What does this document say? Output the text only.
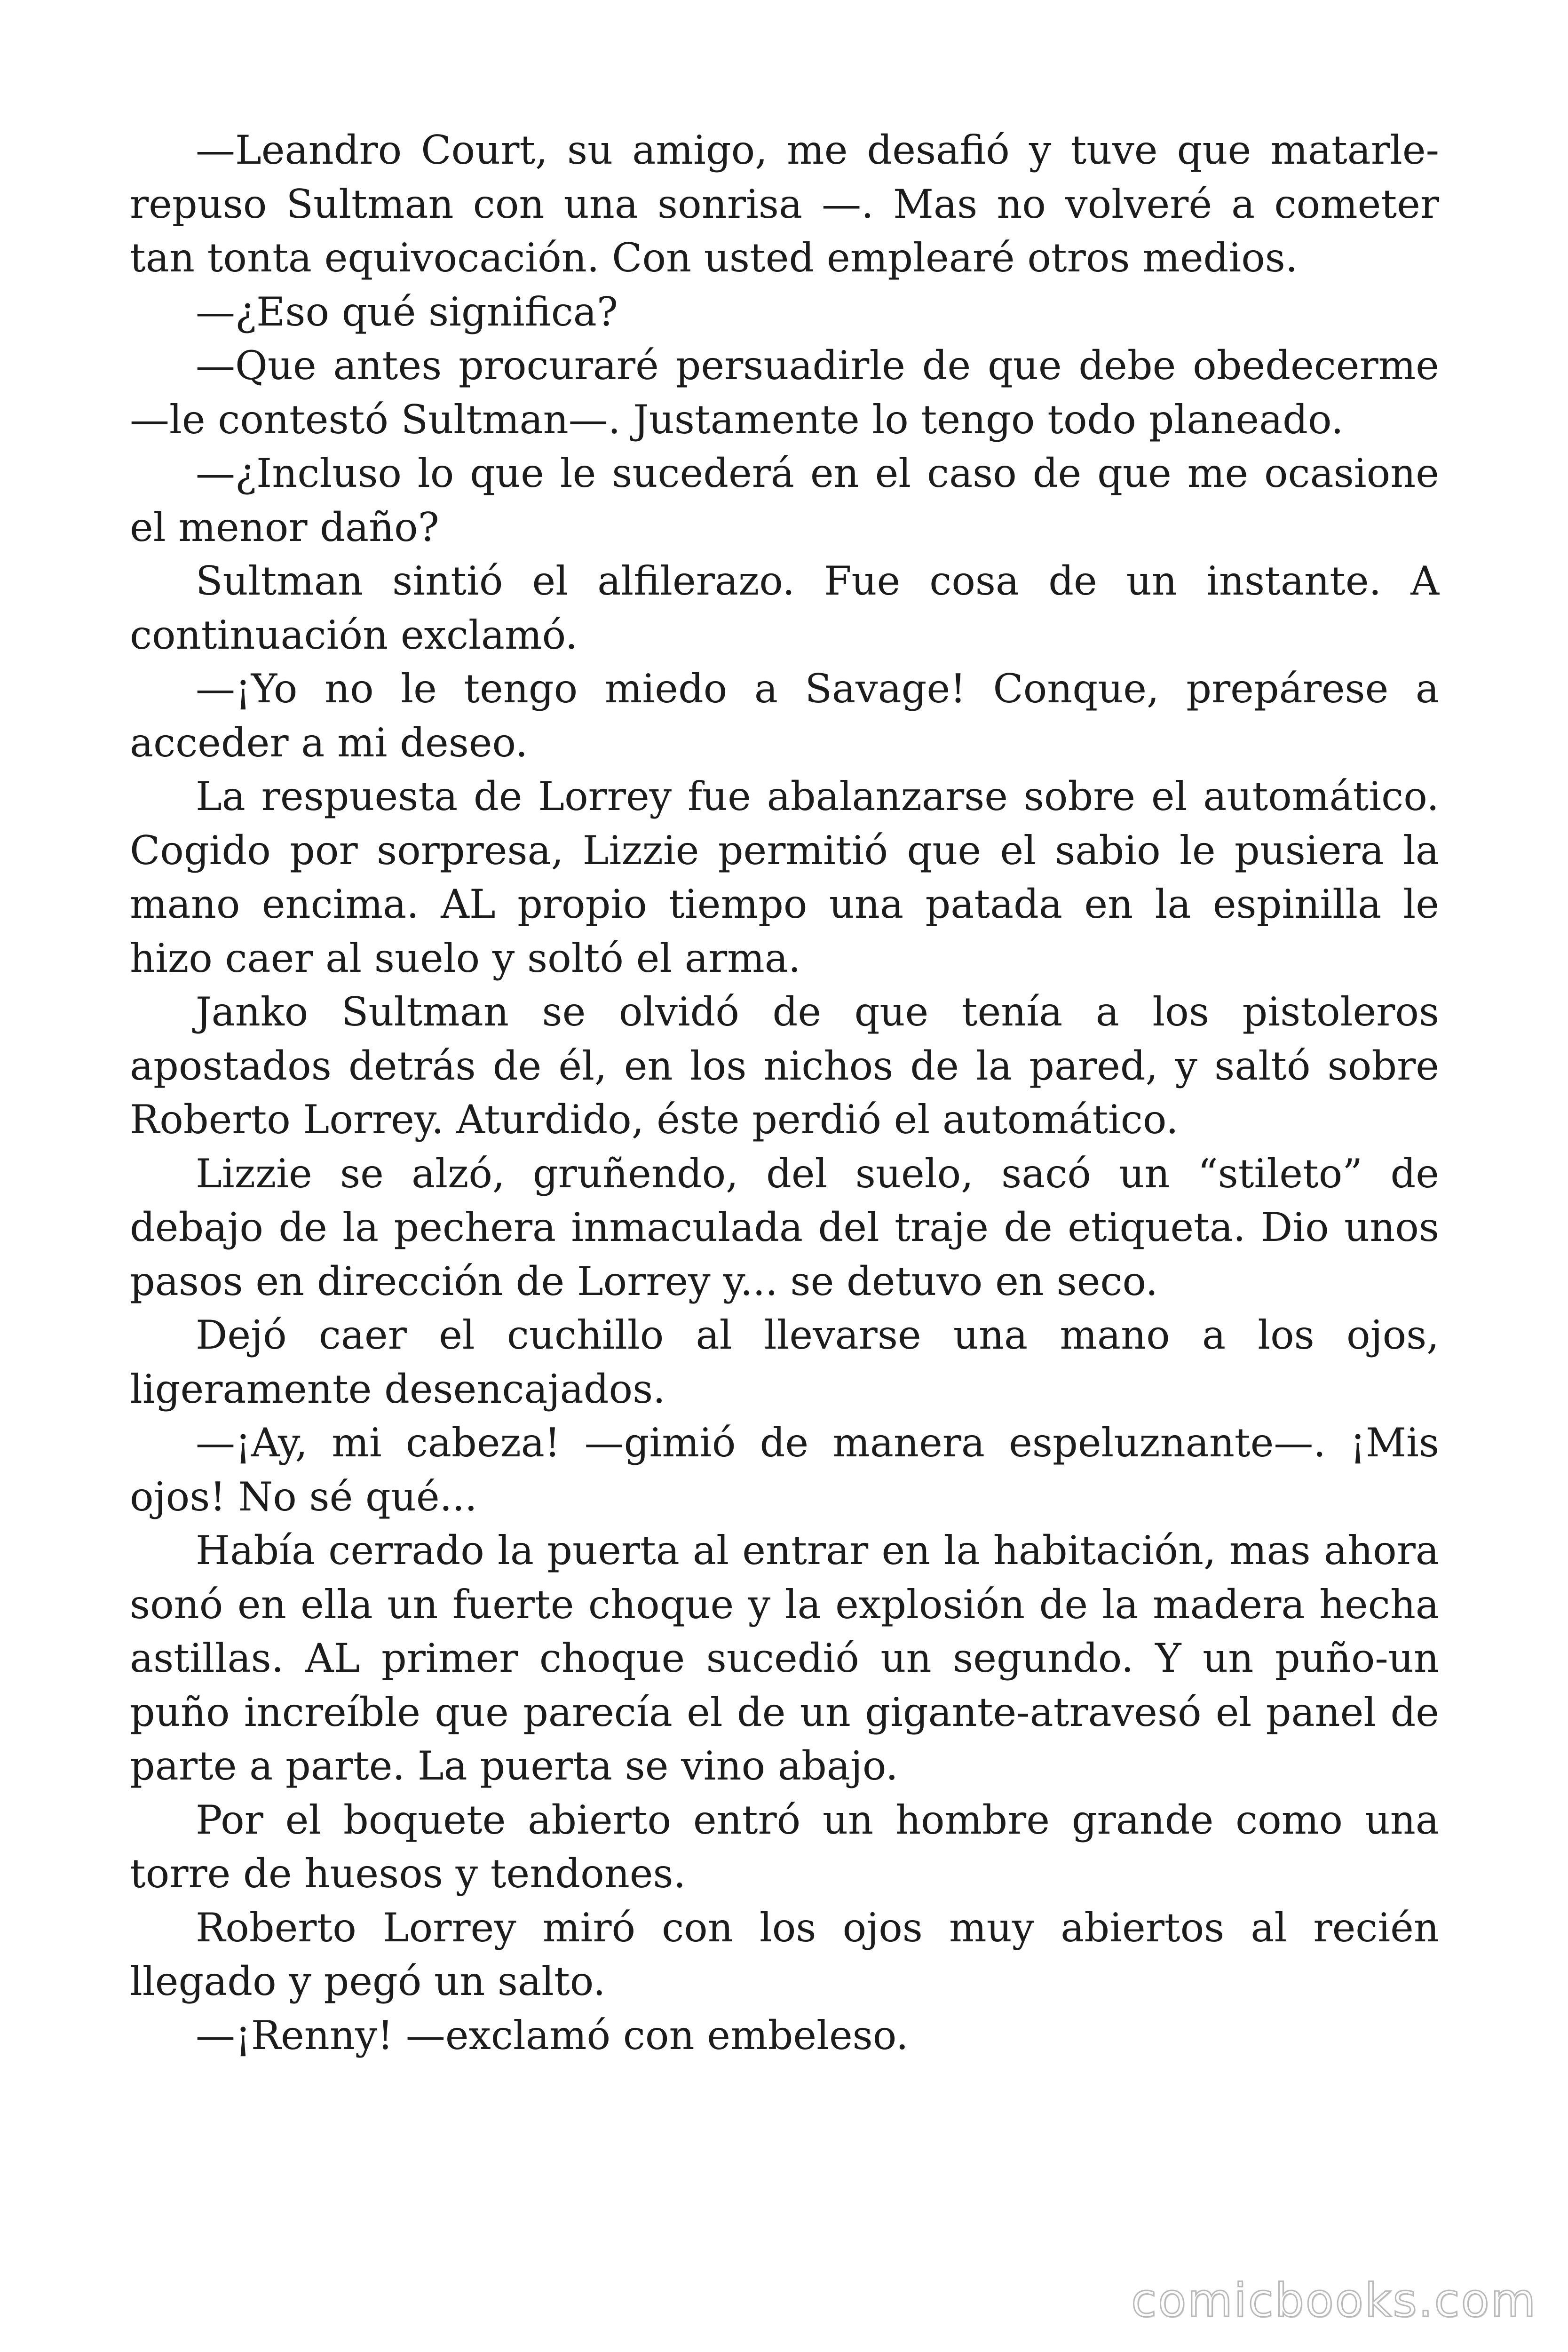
—Leandro Court, su amigo, me desafió y tuve que matarle-repuso Sultman con una sonrisa —. Mas no volveré a cometer tan tonta equivocación. Con usted emplearé otros medios.

—¿Eso qué significa?

—Que antes procuraré persuadirle de que debe obedecerme —le contestó Sultman—. Justamente lo tengo todo planeado.

—¿Incluso lo que le sucederá en el caso de que me ocasione el menor daño?

Sultman sintió el alfilerazo. Fue cosa de un instante. A continuación exclamó.

—¡Yo no le tengo miedo a Savage! Conque, prepárese a acceder a mi deseo.

La respuesta de Lorrey fue abalanzarse sobre el automático. Cogido por sorpresa, Lizzie permitió que el sabio le pusiera la mano encima. AL propio tiempo una patada en la espinilla le hizo caer al suelo y soltó el arma.

Janko Sultman se olvidó de que tenía a los pistoleros apostados detrás de él, en los nichos de la pared, y saltó sobre Roberto Lorrey. Aturdido, éste perdió el automático.

Lizzie se alzó, gruñendo, del suelo, sacó un “stileto” de debajo de la pechera inmaculada del traje de etiqueta. Dio unos pasos en dirección de Lorrey y... se detuvo en seco.

Dejó caer el cuchillo al llevarse una mano a los ojos, ligeramente desencajados.

—¡Ay, mi cabeza! —gimió de manera espeluznante—. ¡Mis ojos! No sé qué...

Había cerrado la puerta al entrar en la habitación, mas ahora sonó en ella un fuerte choque y la explosión de la madera hecha astillas. AL primer choque sucedió un segundo. Y un puño-un puño increíble que parecía el de un gigante-atravesó el panel de parte a parte. La puerta se vino abajo.

Por el boquete abierto entró un hombre grande como una torre de huesos y tendones.

Roberto Lorrey miró con los ojos muy abiertos al recién llegado y pegó un salto.

—¡Renny! —exclamó con embeleso.

comicbooks.com
